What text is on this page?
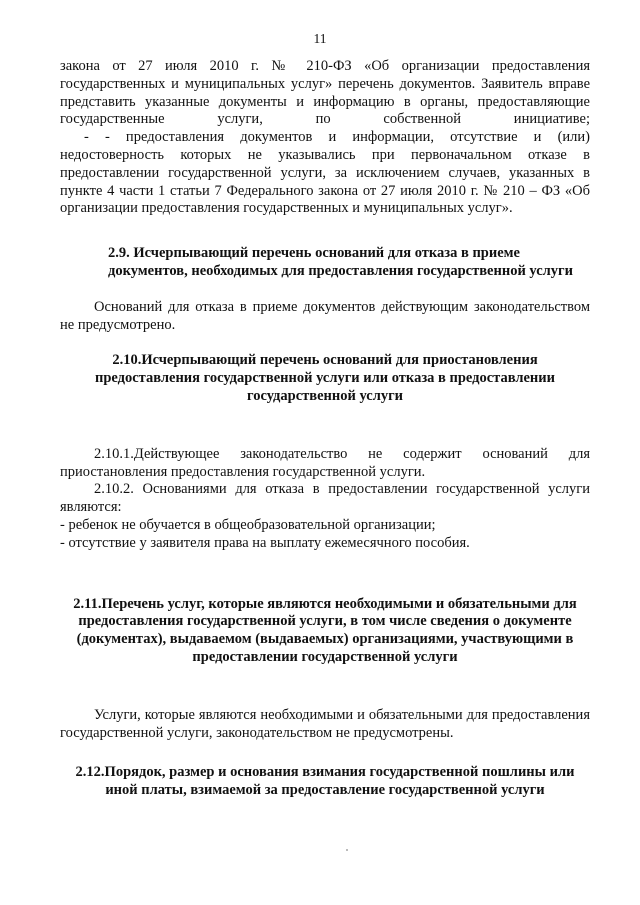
11

закона от 27 июля 2010 г. № 210-ФЗ «Об организации предоставления государственных и муниципальных услуг» перечень документов. Заявитель вправе представить указанные документы и информацию в органы, предоставляющие государственные услуги, по собственной инициативе;

- - предоставления документов и информации, отсутствие и (или) недостоверность которых не указывались при первоначальном отказе в предоставлении государственной услуги, за исключением случаев, указанных в пункте 4 части 1 статьи 7 Федерального закона от 27 июля 2010 г. № 210 – ФЗ «Об организации предоставления государственных и муниципальных услуг».

2.9. Исчерпывающий перечень оснований для отказа в приеме документов, необходимых для предоставления государственной услуги

Оснований для отказа в приеме документов действующим законодательством не предусмотрено.

2.10.Исчерпывающий перечень оснований для приостановления предоставления государственной услуги или отказа в предоставлении государственной услуги

2.10.1.Действующее законодательство не содержит оснований для приостановления предоставления государственной услуги.

2.10.2. Основаниями для отказа в предоставлении государственной услуги являются:

- ребенок не обучается в общеобразовательной организации;

- отсутствие у заявителя права на выплату ежемесячного пособия.

2.11.Перечень услуг, которые являются необходимыми и обязательными для предоставления государственной услуги, в том числе сведения о документе (документах), выдаваемом (выдаваемых) организациями, участвующими в предоставлении государственной услуги

Услуги, которые являются необходимыми и обязательными для предоставления государственной услуги, законодательством не предусмотрены.

2.12.Порядок, размер и основания взимания государственной пошлины или иной платы, взимаемой за предоставление государственной услуги
